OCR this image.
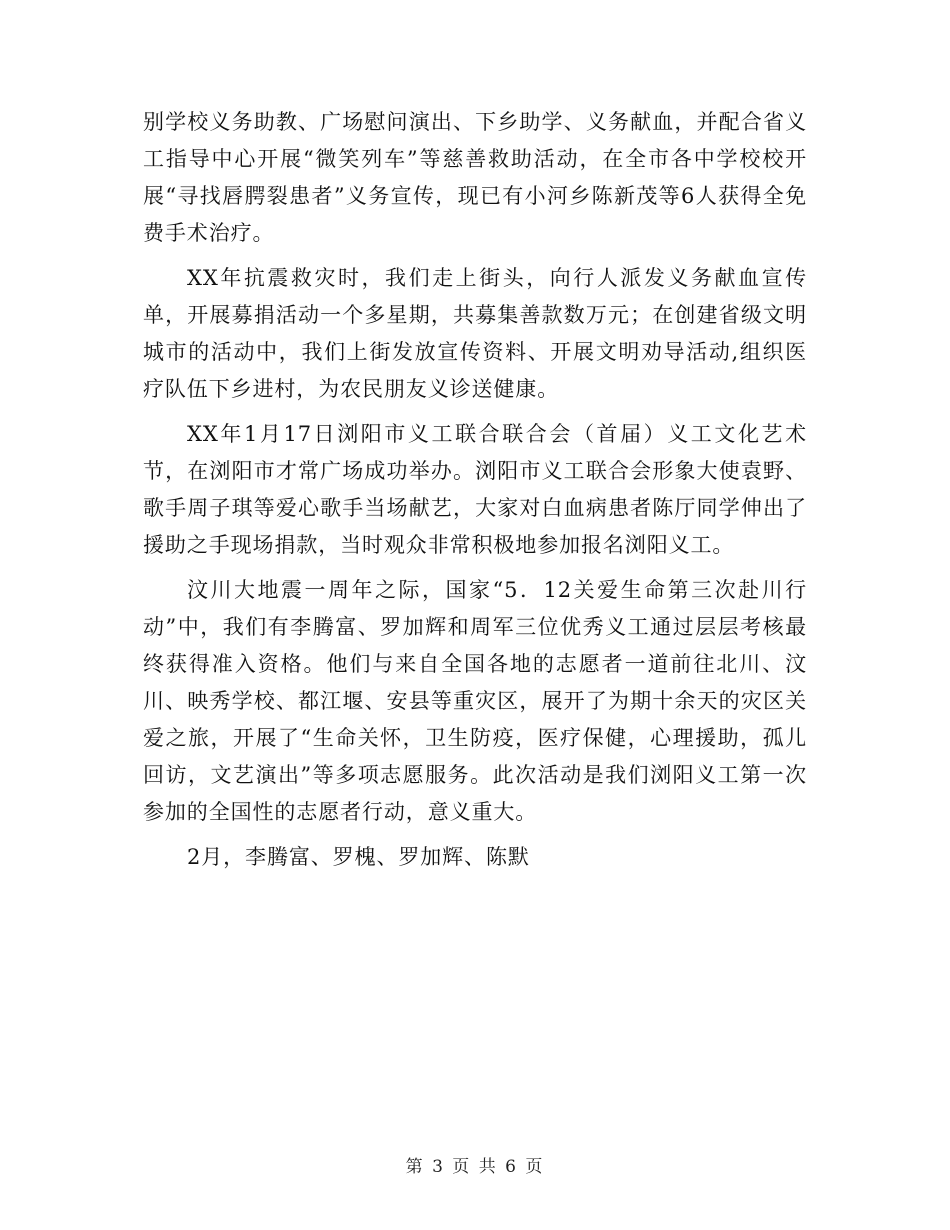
别学校义务助教、广场慰问演出、下乡助学、义务献血，并配合省义工指导中心开展“微笑列车”等慈善救助活动，在全市各中学校校开展“寻找唇腭裂患者”义务宣传，现已有小河乡陈新茂等6人获得全免费手术治疗。

XX年抗震救灾时，我们走上街头，向行人派发义务献血宣传单，开展募捐活动一个多星期，共募集善款数万元；在创建省级文明城市的活动中，我们上街发放宣传资料、开展文明劝导活动,组织医疗队伍下乡进村，为农民朋友义诊送健康。

XX年1月17日浏阳市义工联合联合会（首届）义工文化艺术节，在浏阳市才常广场成功举办。浏阳市义工联合会形象大使袁野、歌手周子琪等爱心歌手当场献艺，大家对白血病患者陈厅同学伸出了援助之手现场捐款，当时观众非常积极地参加报名浏阳义工。

汶川大地震一周年之际，国家“5．12关爱生命第三次赴川行动”中，我们有李腾富、罗加辉和周军三位优秀义工通过层层考核最终获得准入资格。他们与来自全国各地的志愿者一道前往北川、汶川、映秀学校、都江堰、安县等重灾区，展开了为期十余天的灾区关爱之旅，开展了“生命关怀，卫生防疫，医疗保健，心理援助，孤儿回访，文艺演出”等多项志愿服务。此次活动是我们浏阳义工第一次参加的全国性的志愿者行动，意义重大。

2月，李腾富、罗槐、罗加辉、陈默

第 3 页 共 6 页
